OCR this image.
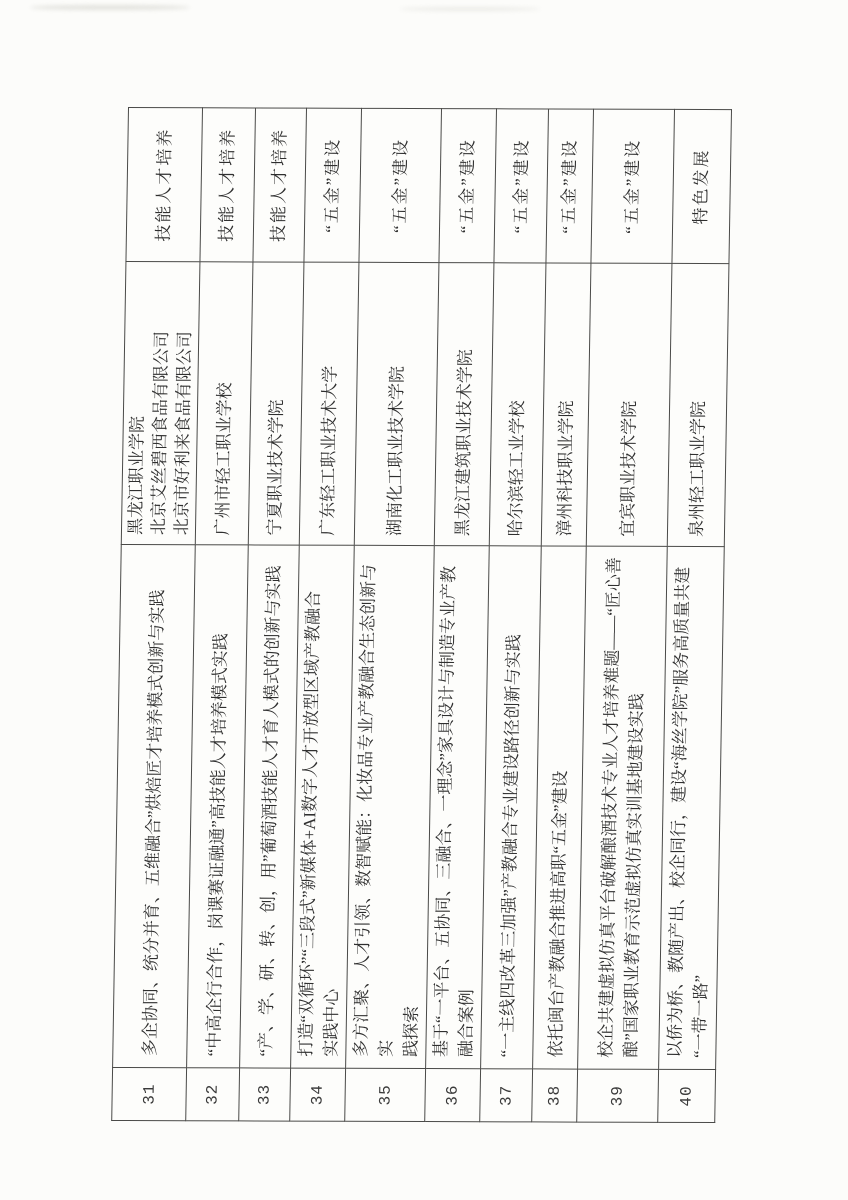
31	多企协同、统分并育、五维融合”烘焙匠才培养模式创新与实践	黑龙江职业学院 北京艾丝碧西食品有限公司 北京市好利来食品有限公司	技能人才培养
32	“中高企行合作，岗课赛证融通”高技能人才培养模式实践	广州市轻工职业学校	技能人才培养
33	“产、学、研、转、创，用”葡萄酒技能人才育人模式的创新与实践	宁夏职业技术学院	技能人才培养
34	打造“双循环”“三段式”新媒体+AI数字人才开放型区域产教融合
实践中心	广东轻工职业技术大学	“五金”建设
35	多方汇聚、人才引领、数智赋能：化妆品专业产教融合生态创新与实
践探索	湖南化工职业技术学院	“五金”建设
36	基于“一平台、五协同、三融合、一理念”家具设计与制造专业产教
融合案例	黑龙江建筑职业技术学院	“五金”建设
37	“一主线四改革三加强”产教融合专业建设路径创新与实践	哈尔滨轻工业学校	“五金”建设
38	依托闽台产教融合推进高职“五金”建设	漳州科技职业学院	“五金”建设
39	校企共建虚拟仿真平台破解酿酒技术专业人才培养难题——“匠心善
酿”国家职业教育示范虚拟仿真实训基地建设实践	宜宾职业技术学院	“五金”建设
40	以侨为桥、教随产出、校企同行，建设“海丝学院”服务高质量共建
“一带一路”	泉州轻工职业学院	特色发展
